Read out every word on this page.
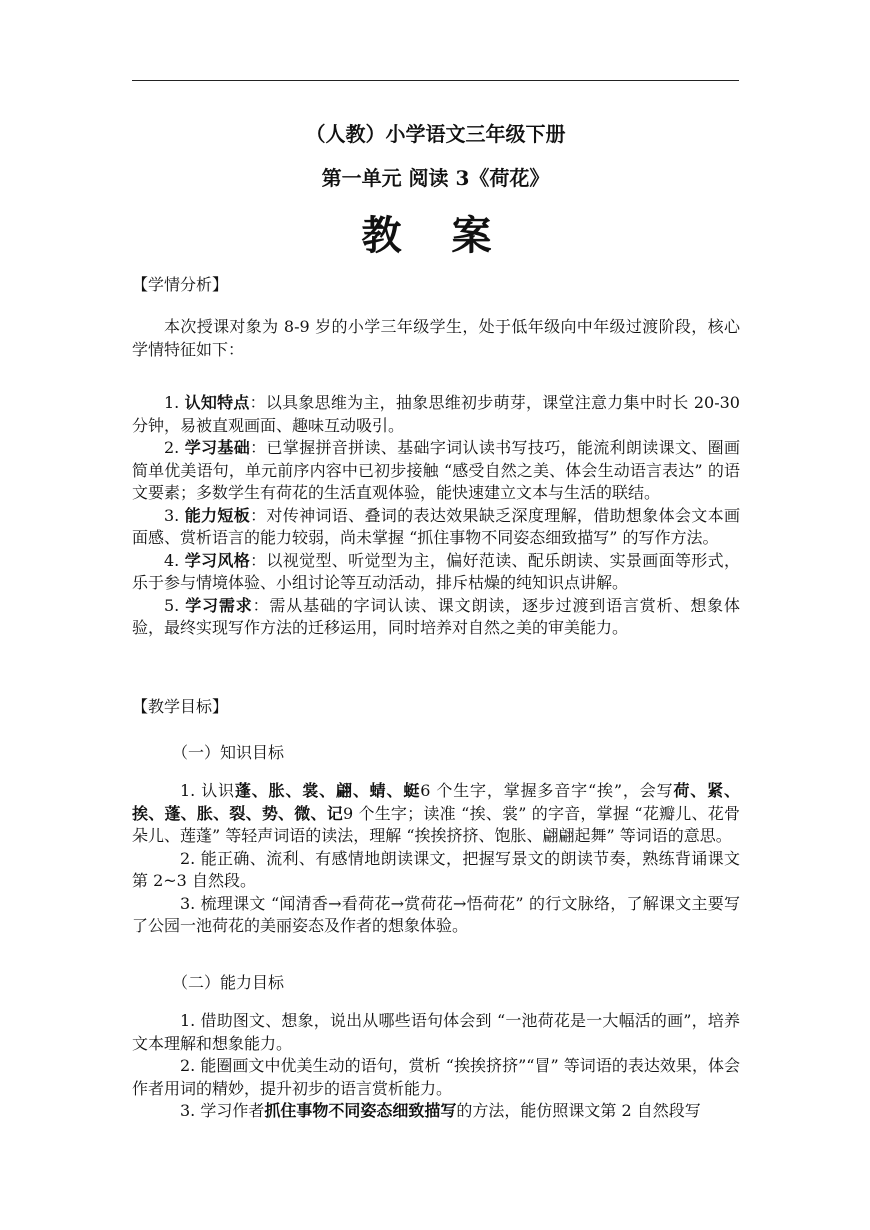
（人教）小学语文三年级下册
第一单元 阅读 3《荷花》
教 案
【学情分析】
本次授课对象为 8-9 岁的小学三年级学生，处于低年级向中年级过渡阶段，核心学情特征如下：
1. 认知特点：以具象思维为主，抽象思维初步萌芽，课堂注意力集中时长 20-30 分钟，易被直观画面、趣味互动吸引。
2. 学习基础：已掌握拼音拼读、基础字词认读书写技巧，能流利朗读课文、圈画简单优美语句，单元前序内容中已初步接触 “感受自然之美、体会生动语言表达” 的语文要素；多数学生有荷花的生活直观体验，能快速建立文本与生活的联结。
3. 能力短板：对传神词语、叠词的表达效果缺乏深度理解，借助想象体会文本画面感、赏析语言的能力较弱，尚未掌握 “抓住事物不同姿态细致描写” 的写作方法。
4. 学习风格：以视觉型、听觉型为主，偏好范读、配乐朗读、实景画面等形式，乐于参与情境体验、小组讨论等互动活动，排斥枯燥的纯知识点讲解。
5. 学习需求：需从基础的字词认读、课文朗读，逐步过渡到语言赏析、想象体验，最终实现写作方法的迁移运用，同时培养对自然之美的审美能力。
【教学目标】
（一）知识目标
1. 认识蓬、胀、裳、翩、蜻、蜓6 个生字，掌握多音字“挨”，会写荷、紧、挨、蓬、胀、裂、势、微、记9 个生字；读准 “挨、裳” 的字音，掌握 “花瓣儿、花骨朵儿、莲蓬” 等轻声词语的读法，理解 “挨挨挤挤、饱胀、翩翩起舞” 等词语的意思。
2. 能正确、流利、有感情地朗读课文，把握写景文的朗读节奏，熟练背诵课文第 2~3 自然段。
3. 梳理课文 “闻清香→看荷花→赏荷花→悟荷花” 的行文脉络，了解课文主要写了公园一池荷花的美丽姿态及作者的想象体验。
（二）能力目标
1. 借助图文、想象，说出从哪些语句体会到 “一池荷花是一大幅活的画”，培养文本理解和想象能力。
2. 能圈画文中优美生动的语句，赏析 “挨挨挤挤”“冒” 等词语的表达效果，体会作者用词的精妙，提升初步的语言赏析能力。
3. 学习作者抓住事物不同姿态细致描写的方法，能仿照课文第 2 自然段写
